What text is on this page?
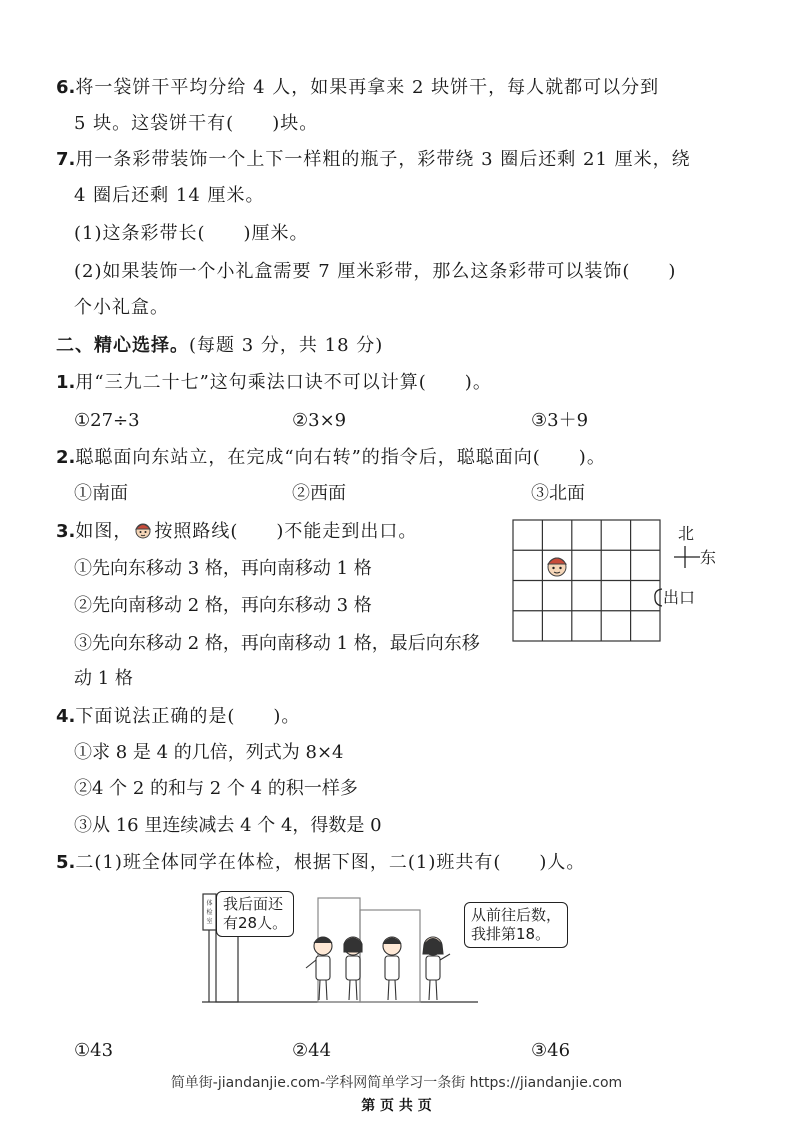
6.将一袋饼干平均分给 4 人，如果再拿来 2 块饼干，每人就都可以分到
5 块。这袋饼干有(　　)块。
7.用一条彩带装饰一个上下一样粗的瓶子，彩带绕 3 圈后还剩 21 厘米，绕
4 圈后还剩 14 厘米。
(1)这条彩带长(　　)厘米。
(2)如果装饰一个小礼盒需要 7 厘米彩带，那么这条彩带可以装饰(　　)
个小礼盒。
二、精心选择。(每题 3 分，共 18 分)
1.用“三九二十七”这句乘法口诀不可以计算(　　)。
①27÷3	②3×9	③3＋9
2.聪聪面向东站立，在完成“向右转”的指令后，聪聪面向(　　)。
①南面	②西面	③北面
3.如图， 按照路线(　　)不能走到出口。
①先向东移动 3 格，再向南移动 1 格
②先向南移动 2 格，再向东移动 3 格
③先向东移动 2 格，再向南移动 1 格，最后向东移
动 1 格
北
东
出口
4.下面说法正确的是(　　)。
①求 8 是 4 的几倍，列式为 8×4
②4 个 2 的和与 2 个 4 的积一样多
③从 16 里连续减去 4 个 4，得数是 0
5.二(1)班全体同学在体检，根据下图，二(1)班共有(　　)人。
体
检
室
我后面还
有28人。	从前往后数，
我排第18。
①43	②44	③46
简单街-jiandanjie.com-学科网简单学习一条街 https://jiandanjie.com
第 页 共 页
